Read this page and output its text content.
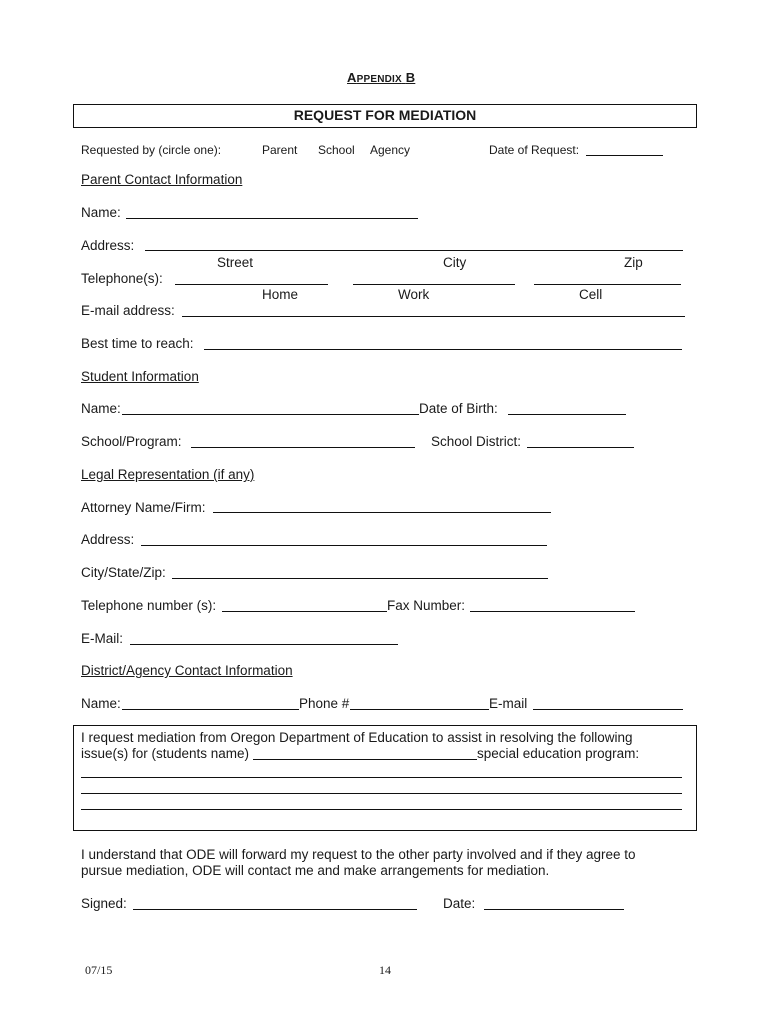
APPENDIX B
REQUEST FOR MEDIATION
Requested by (circle one):	Parent School Agency	Date of Request:
Parent Contact Information
Name:
Address:
Street	City	Zip
Telephone(s):
Home	Work	Cell
E-mail address:
Best time to reach:
Student Information
Name:	Date of Birth:
School/Program:	School District:
Legal Representation (if any)
Attorney Name/Firm:
Address:
City/State/Zip:
Telephone number (s):	Fax Number:
E-Mail:
District/Agency Contact Information
Name:	Phone #	E-mail
I request mediation from Oregon Department of Education to assist in resolving the following
issue(s) for (students name)	special education program:
I understand that ODE will forward my request to the other party involved and if they agree to
pursue mediation, ODE will contact me and make arrangements for mediation.
Signed:	Date:
07/15	14
